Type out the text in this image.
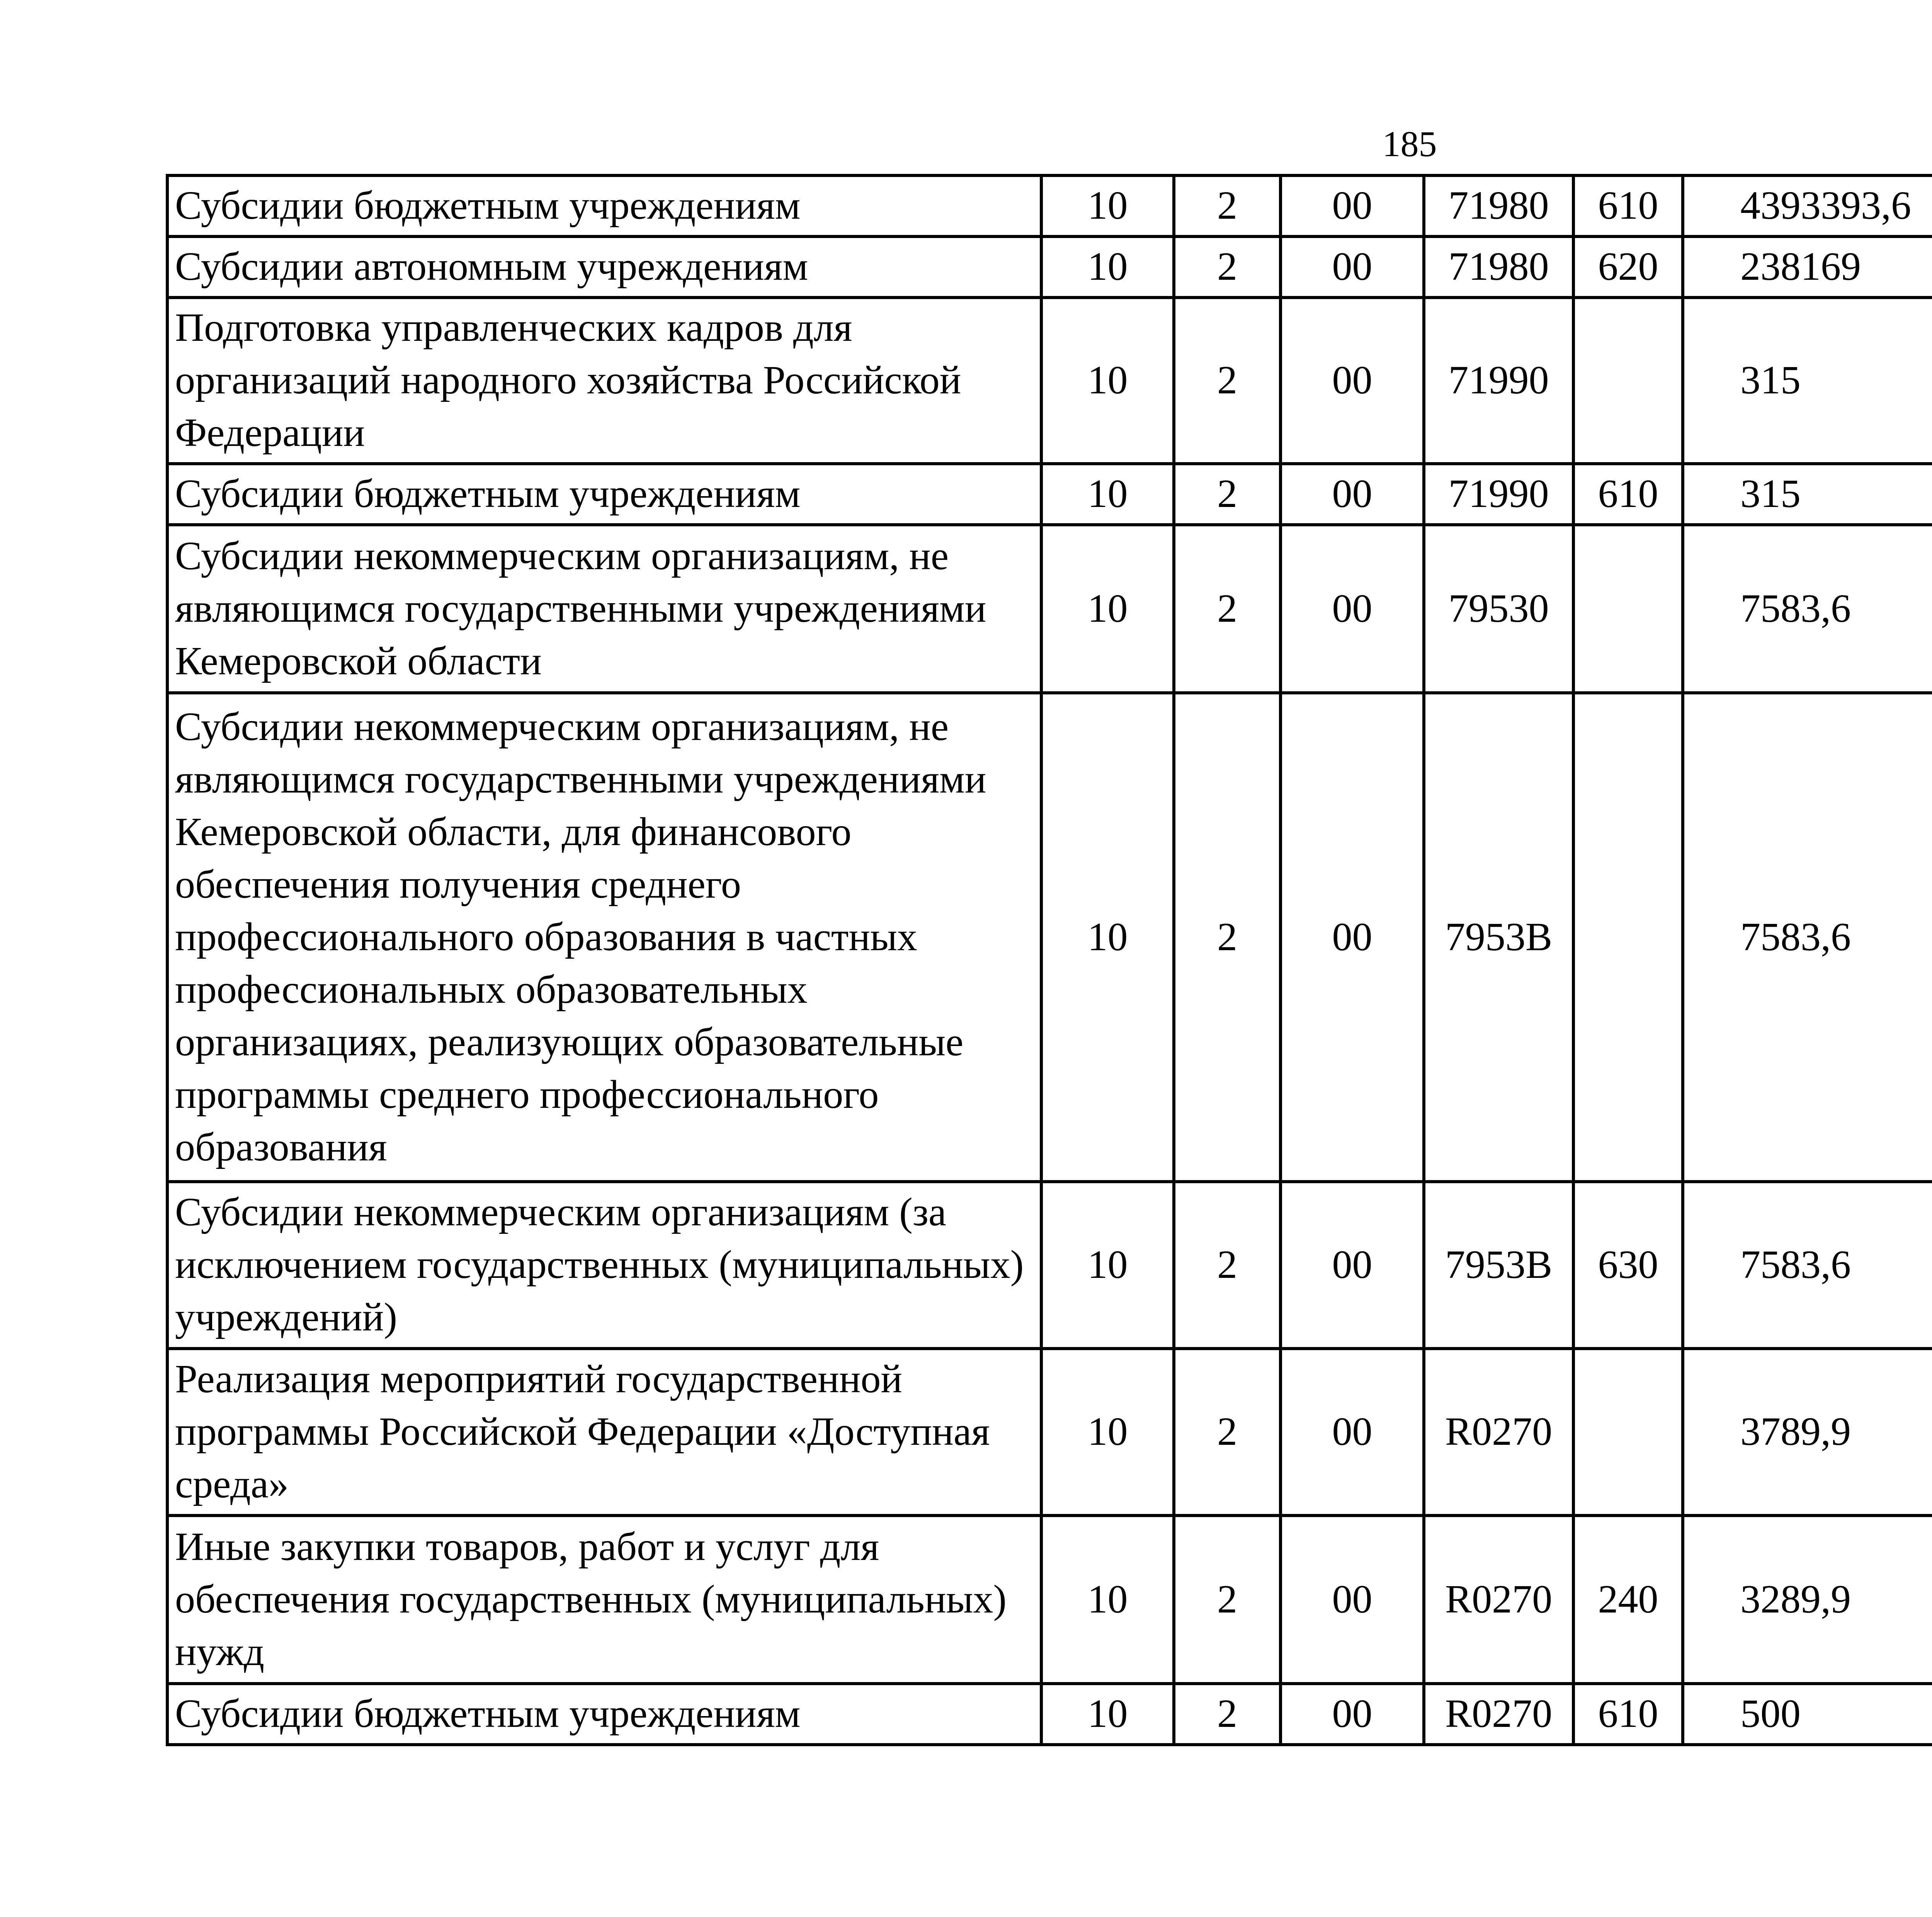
185
Субсидии бюджетным учреждениям	10	2	00	71980	610	4393393,6		
Субсидии автономным учреждениям	10	2	00	71980	620	238169		
Подготовка управленческих кадров для организаций народного хозяйства Российской Федерации	10	2	00	71990		315		
Субсидии бюджетным учреждениям	10	2	00	71990	610	315		
Субсидии некоммерческим организациям, не являющимся государственными учреждениями Кемеровской области	10	2	00	79530		7583,6		
Субсидии некоммерческим организациям, не являющимся государственными учреждениями Кемеровской области, для финансового обеспечения получения среднего профессионального образования в частных профессиональных образовательных организациях, реализующих образовательные программы среднего профессионального образования	10	2	00	7953B		7583,6		
Субсидии некоммерческим организациям (за исключением государственных (муниципальных) учреждений)	10	2	00	7953B	630	7583,6		
Реализация мероприятий государственной программы Российской Федерации «Доступная среда»	10	2	00	R0270		3789,9		
Иные закупки товаров, работ и услуг для обеспечения государственных (муниципальных) нужд	10	2	00	R0270	240	3289,9		
Субсидии бюджетным учреждениям	10	2	00	R0270	610	500		
